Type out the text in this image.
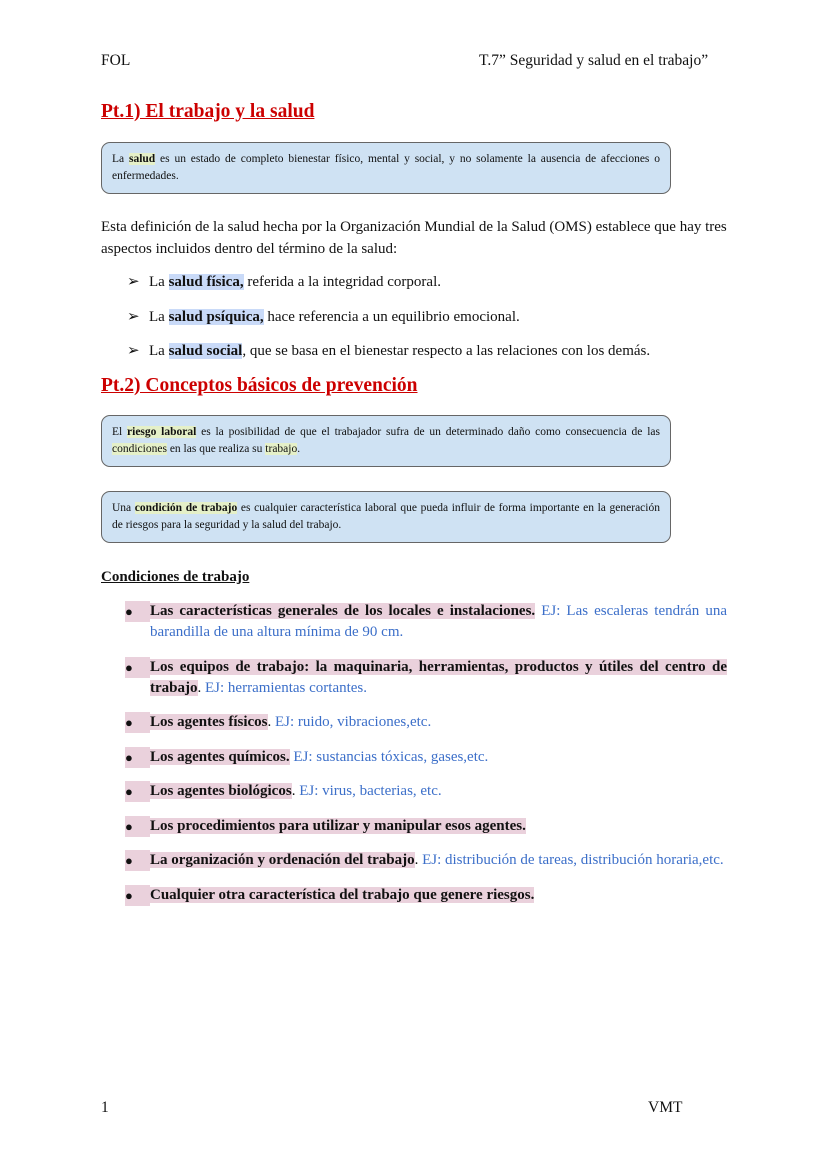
FOL	T.7” Seguridad y salud en el trabajo”
Pt.1) El trabajo y la salud
La salud es un estado de completo bienestar físico, mental y social, y no solamente la ausencia de afecciones o enfermedades.
Esta definición de la salud hecha por la Organización Mundial de la Salud (OMS) establece que hay tres aspectos incluidos dentro del término de la salud:
➢ La salud física, referida a la integridad corporal.
➢ La salud psíquica, hace referencia a un equilibrio emocional.
➢ La salud social, que se basa en el bienestar respecto a las relaciones con los demás.
Pt.2) Conceptos básicos de prevención
El riesgo laboral es la posibilidad de que el trabajador sufra de un determinado daño como consecuencia de las condiciones en las que realiza su trabajo.
Una condición de trabajo es cualquier característica laboral que pueda influir de forma importante en la generación de riesgos para la seguridad y la salud del trabajo.
Condiciones de trabajo
●	Las características generales de los locales e instalaciones. EJ: Las escaleras tendrán una barandilla de una altura mínima de 90 cm.
●	Los equipos de trabajo: la maquinaria, herramientas, productos y útiles del centro de trabajo. EJ: herramientas cortantes.
●	Los agentes físicos. EJ: ruido, vibraciones,etc.
●	Los agentes químicos. EJ: sustancias tóxicas, gases,etc.
●	Los agentes biológicos. EJ: virus, bacterias, etc.
●	Los procedimientos para utilizar y manipular esos agentes.
●	La organización y ordenación del trabajo. EJ: distribución de tareas, distribución horaria,etc.
●	Cualquier otra característica del trabajo que genere riesgos.
1	VMT
